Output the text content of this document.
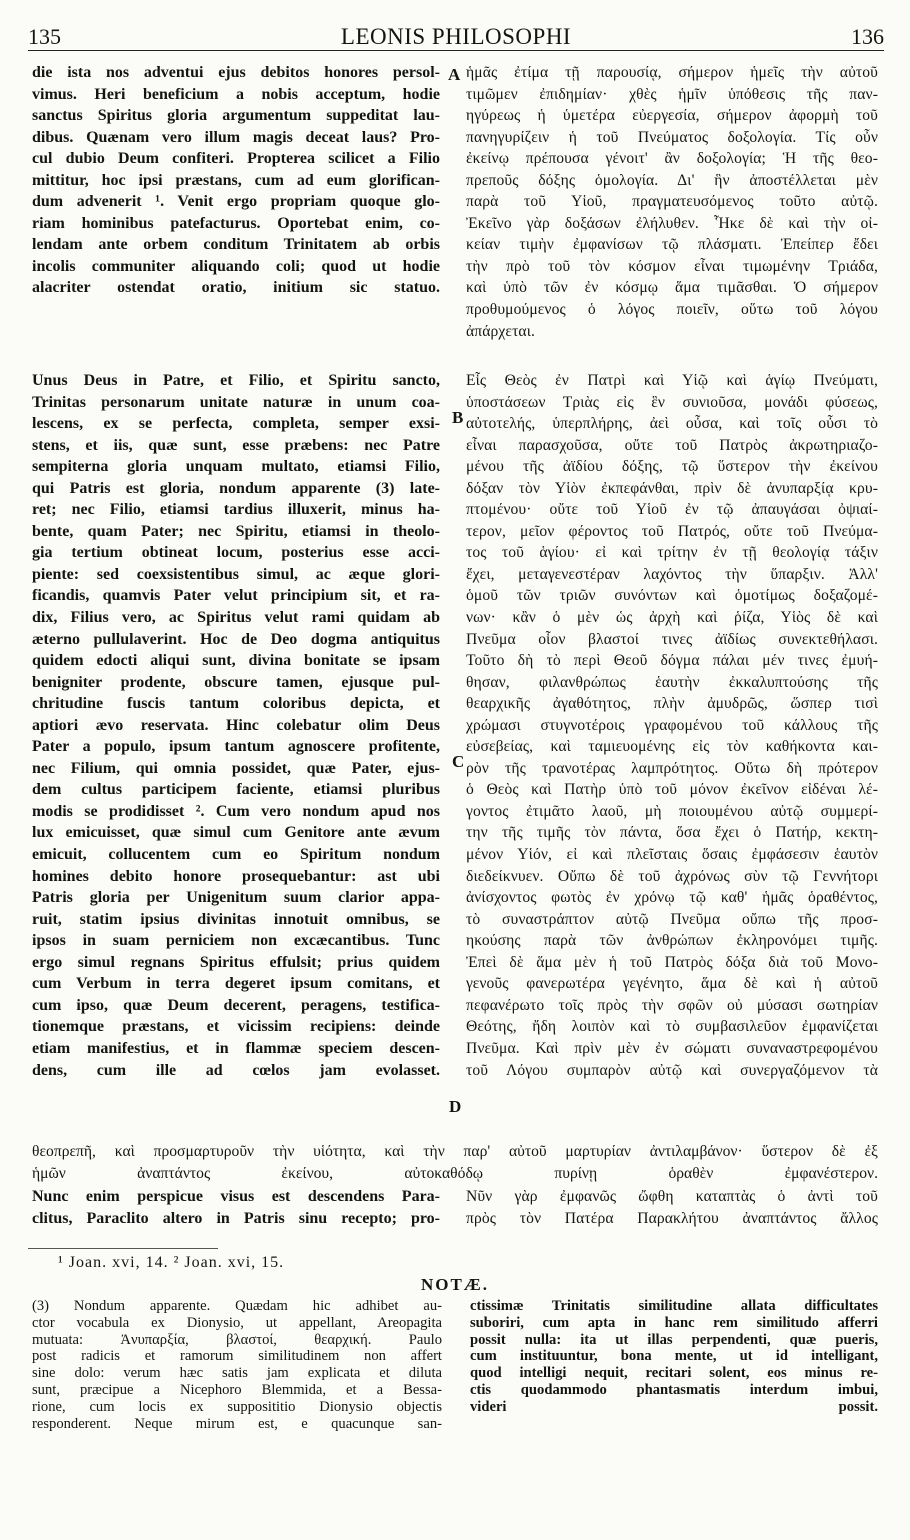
135	LEONIS PHILOSOPHI	136
die ista nos adventui ejus debitos honores persol-
vimus. Heri beneficium a nobis acceptum, hodie
sanctus Spiritus gloria argumentum suppeditat lau-
dibus. Quænam vero illum magis deceat laus? Pro-
cul dubio Deum confiteri. Propterea scilicet a Filio
mittitur, hoc ipsi præstans, cum ad eum glorifican-
dum advenerit ¹. Venit ergo propriam quoque glo-
riam hominibus patefacturus. Oportebat enim, co-
lendam ante orbem conditum Trinitatem ab orbis
incolis communiter aliquando coli; quod ut hodie
alacriter ostendat oratio, initium sic statuo.
ἡμᾶς ἐτίμα τῇ παρουσίᾳ, σήμερον ἡμεῖς τὴν αὐτοῦ
τιμῶμεν ἐπιδημίαν· χθὲς ἡμῖν ὑπόθεσις τῆς παν-
ηγύρεως ἡ ὑμετέρα εὐεργεσία, σήμερον ἀφορμὴ τοῦ
πανηγυρίζειν ἡ τοῦ Πνεύματος δοξολογία. Τίς οὖν
ἐκείνῳ πρέπουσα γένοιτ' ἂν δοξολογία; Ἡ τῆς θεο-
πρεποῦς δόξης ὁμολογία. Δι' ἣν ἀποστέλλεται μὲν
παρὰ τοῦ Υἱοῦ, πραγματευσόμενος τοῦτο αὐτῷ.
Ἐκεῖνο γὰρ δοξάσων ἐλήλυθεν. Ἧκε δὲ καὶ τὴν οἰ-
κείαν τιμὴν ἐμφανίσων τῷ πλάσματι. Ἐπείπερ ἔδει
τὴν πρὸ τοῦ τὸν κόσμον εἶναι τιμωμένην Τριάδα,
καὶ ὑπὸ τῶν ἐν κόσμῳ ἅμα τιμᾶσθαι. Ὁ σήμερον
προθυμούμενος ὁ λόγος ποιεῖν, οὕτω τοῦ λόγου
ἀπάρχεται.
Unus Deus in Patre, et Filio, et Spiritu sancto,
Trinitas personarum unitate naturæ in unum coa-
lescens, ex se perfecta, completa, semper exsi-
stens, et iis, quæ sunt, esse præbens: nec Patre
sempiterna gloria unquam multato, etiamsi Filio,
qui Patris est gloria, nondum apparente (3) late-
ret; nec Filio, etiamsi tardius illuxerit, minus ha-
bente, quam Pater; nec Spiritu, etiamsi in theolo-
gia tertium obtineat locum, posterius esse acci-
piente: sed coexsistentibus simul, ac æque glori-
ficandis, quamvis Pater velut principium sit, et ra-
dix, Filius vero, ac Spiritus velut rami quidam ab
æterno pullulaverint. Hoc de Deo dogma antiquitus
quidem edocti aliqui sunt, divina bonitate se ipsam
benigniter prodente, obscure tamen, ejusque pul-
chritudine fuscis tantum coloribus depicta, et
aptiori ævo reservata. Hinc colebatur olim Deus
Pater a populo, ipsum tantum agnoscere profitente,
nec Filium, qui omnia possidet, quæ Pater, ejus-
dem cultus participem faciente, etiamsi pluribus
modis se prodidisset ². Cum vero nondum apud nos
lux emicuisset, quæ simul cum Genitore ante ævum
emicuit, collucentem cum eo Spiritum nondum
homines debito honore prosequebantur: ast ubi
Patris gloria per Unigenitum suum clarior appa-
ruit, statim ipsius divinitas innotuit omnibus, se
ipsos in suam perniciem non excæcantibus. Tunc
ergo simul regnans Spiritus effulsit; prius quidem
cum Verbum in terra degeret ipsum comitans, et
cum ipso, quæ Deum decerent, peragens, testifica-
tionemque præstans, et vicissim recipiens: deinde
etiam manifestius, et in flammæ speciem descen-
dens, cum ille ad cœlos jam evolasset.
Εἷς Θεὸς ἐν Πατρὶ καὶ Υἱῷ καὶ ἁγίῳ Πνεύματι,
ὑποστάσεων Τριὰς εἰς ἓν συνιοῦσα, μονάδι φύσεως,
αὐτοτελής, ὑπερπλήρης, ἀεὶ οὖσα, καὶ τοῖς οὖσι τὸ
εἶναι παρασχοῦσα, οὔτε τοῦ Πατρὸς ἀκρωτηριαζο-
μένου τῆς ἀϊδίου δόξης, τῷ ὕστερον τὴν ἐκείνου
δόξαν τὸν Υἱὸν ἐκπεφάνθαι, πρὶν δὲ ἀνυπαρξίᾳ κρυ-
πτομένου· οὔτε τοῦ Υἱοῦ ἐν τῷ ἀπαυγάσαι ὀψιαί-
τερον, μεῖον φέροντος τοῦ Πατρός, οὔτε τοῦ Πνεύμα-
τος τοῦ ἁγίου· εἰ καὶ τρίτην ἐν τῇ θεολογίᾳ τάξιν
ἔχει, μεταγενεστέραν λαχόντος τὴν ὕπαρξιν. Ἀλλ'
ὁμοῦ τῶν τριῶν συνόντων καὶ ὁμοτίμως δοξαζομέ-
νων· κἂν ὁ μὲν ὡς ἀρχὴ καὶ ῥίζα, Υἱὸς δὲ καὶ
Πνεῦμα οἷον βλαστοί τινες ἀϊδίως συνεκτεθήλασι.
Τοῦτο δὴ τὸ περὶ Θεοῦ δόγμα πάλαι μέν τινες ἐμυή-
θησαν, φιλανθρώπως ἑαυτὴν ἐκκαλυπτούσης τῆς
θεαρχικῆς ἀγαθότητος, πλὴν ἀμυδρῶς, ὥσπερ τισὶ
χρώμασι στυγνοτέροις γραφομένου τοῦ κάλλους τῆς
εὐσεβείας, καὶ ταμιευομένης εἰς τὸν καθήκοντα και-
ρὸν τῆς τρανοτέρας λαμπρότητος. Οὕτω δὴ πρότερον
ὁ Θεὸς καὶ Πατὴρ ὑπὸ τοῦ μόνον ἐκεῖνον εἰδέναι λέ-
γοντος ἐτιμᾶτο λαοῦ, μὴ ποιουμένου αὐτῷ συμμερί-
την τῆς τιμῆς τὸν πάντα, ὅσα ἔχει ὁ Πατήρ, κεκτη-
μένον Υἱόν, εἰ καὶ πλεῖσταις ὅσαις ἐμφάσεσιν ἑαυτὸν
διεδείκνυεν. Οὔπω δὲ τοῦ ἀχρόνως σὺν τῷ Γεννήτορι
ἀνίσχοντος φωτὸς ἐν χρόνῳ τῷ καθ' ἡμᾶς ὁραθέντος,
τὸ συναστράπτον αὐτῷ Πνεῦμα οὔπω τῆς προσ-
ηκούσης παρὰ τῶν ἀνθρώπων ἐκληρονόμει τιμῆς.
Ἐπεὶ δὲ ἅμα μὲν ἡ τοῦ Πατρὸς δόξα διὰ τοῦ Μονο-
γενοῦς φανερωτέρα γεγένητο, ἅμα δὲ καὶ ἡ αὐτοῦ
πεφανέρωτο τοῖς πρὸς τὴν σφῶν οὐ μύσασι σωτηρίαν
Θεότης, ἤδη λοιπὸν καὶ τὸ συμβασιλεῦον ἐμφανίζεται
Πνεῦμα. Καὶ πρὶν μὲν ἐν σώματι συναναστρεφομένου
τοῦ Λόγου συμπαρὸν αὐτῷ καὶ συνεργαζόμενον τὰ
θεοπρεπῆ, καὶ προσμαρτυροῦν τὴν υἱότητα, καὶ τὴν παρ' αὐτοῦ μαρτυρίαν ἀντιλαμβάνον· ὕστερον δὲ ἐξ
ἡμῶν ἀναπτάντος ἐκείνου, αὐτοκαθόδῳ πυρίνῃ ὁραθὲν ἐμφανέστερον.
Nunc enim perspicue visus est descendens Para-
clitus, Paraclito altero in Patris sinu recepto; pro-
Νῦν γὰρ ἐμφανῶς ὤφθη καταπτὰς ὁ ἀντὶ τοῦ
πρὸς τὸν Πατέρα Παρακλήτου ἀναπτάντος ἄλλος
A
B
C
D
¹ Joan. xvi, 14. ² Joan. xvi, 15.
NOTÆ.
(3) Nondum apparente. Quædam hic adhibet au-
ctor vocabula ex Dionysio, ut appellant, Areopagita
mutuata: Ἀνυπαρξία, βλαστοί, θεαρχική. Paulo
post radicis et ramorum similitudinem non affert
sine dolo: verum hæc satis jam explicata et diluta
sunt, præcipue a Nicephoro Blemmida, et a Bessa-
rione, cum locis ex supposititio Dionysio objectis
responderent. Neque mirum est, e quacunque san-
ctissimæ Trinitatis similitudine allata difficultates
suboriri, cum apta in hanc rem similitudo afferri
possit nulla: ita ut illas perpendenti, quæ pueris,
cum instituuntur, bona mente, ut id intelligant,
quod intelligi nequit, recitari solent, eos minus re-
ctis quodammodo phantasmatis interdum imbui,
videri possit.
